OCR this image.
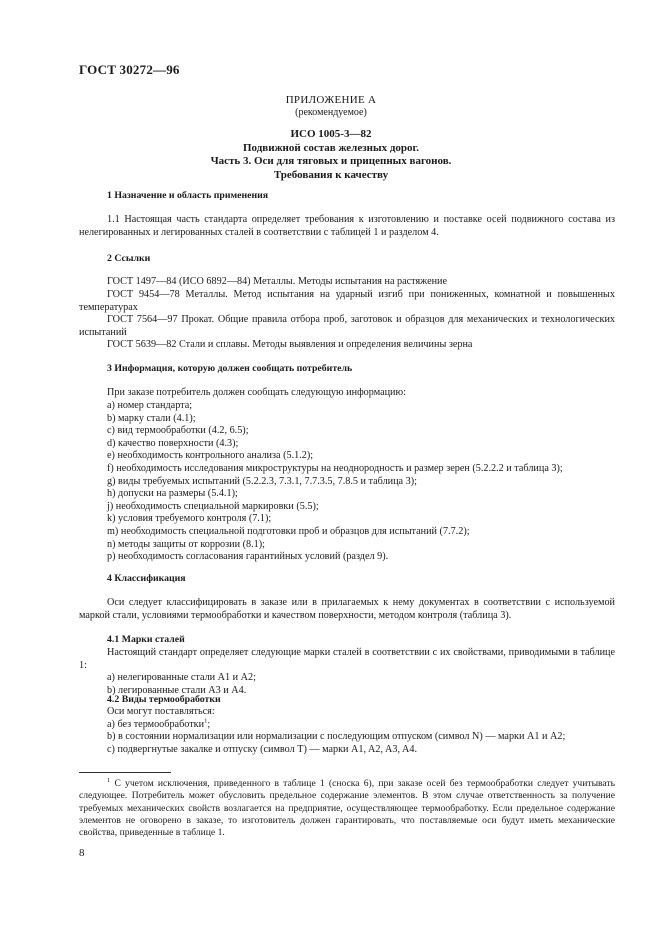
ГОСТ 30272—96
ПРИЛОЖЕНИЕ А
(рекомендуемое)
ИСО 1005-3—82
Подвижной состав железных дорог.
Часть 3. Оси для тяговых и прицепных вагонов.
Требования к качеству
1 Назначение и область применения
1.1 Настоящая часть стандарта определяет требования к изготовлению и поставке осей подвижного состава из нелегированных и легированных сталей в соответствии с таблицей 1 и разделом 4.
2 Ссылки
ГОСТ 1497—84 (ИСО 6892—84) Металлы. Методы испытания на растяжение
ГОСТ 9454—78 Металлы. Метод испытания на ударный изгиб при пониженных, комнатной и повышенных температурах
ГОСТ 7564—97 Прокат. Общие правила отбора проб, заготовок и образцов для механических и технологических испытаний
ГОСТ 5639—82 Стали и сплавы. Методы выявления и определения величины зерна
3 Информация, которую должен сообщать потребитель
При заказе потребитель должен сообщать следующую информацию:
a) номер стандарта;
b) марку стали (4.1);
c) вид термообработки (4.2, 6.5);
d) качество поверхности (4.3);
e) необходимость контрольного анализа (5.1.2);
f) необходимость исследования микроструктуры на неоднородность и размер зерен (5.2.2.2 и таблица 3);
g) виды требуемых испытаний (5.2.2.3, 7.3.1, 7.7.3.5, 7.8.5 и таблица 3);
h) допуски на размеры (5.4.1);
j) необходимость специальной маркировки (5.5);
k) условия требуемого контроля (7.1);
m) необходимость специальной подготовки проб и образцов для испытаний (7.7.2);
n) методы защиты от коррозии (8.1);
p) необходимость согласования гарантийных условий (раздел 9).
4 Классификация
Оси следует классифицировать в заказе или в прилагаемых к нему документах в соответствии с используемой маркой стали, условиями термообработки и качеством поверхности, методом контроля (таблица 3).
4.1 Марки сталей
Настоящий стандарт определяет следующие марки сталей в соответствии с их свойствами, приводимыми в таблице 1:
a) нелегированные стали A1 и A2;
b) легированные стали A3 и A4.
4.2 Виды термообработки
Оси могут поставляться:
a) без термообработки$^1$;
b) в состоянии нормализации или нормализации с последующим отпуском (символ N) — марки A1 и A2;
c) подвергнутые закалке и отпуску (символ T) — марки A1, A2, A3, A4.
$^1$ С учетом исключения, приведенного в таблице 1 (сноска 6), при заказе осей без термообработки следует учитывать следующее. Потребитель может обусловить предельное содержание элементов. В этом случае ответственность за получение требуемых механических свойств возлагается на предприятие, осуществляющее термообработку. Если предельное содержание элементов не оговорено в заказе, то изготовитель должен гарантировать, что поставляемые оси будут иметь механические свойства, приведенные в таблице 1.
8
